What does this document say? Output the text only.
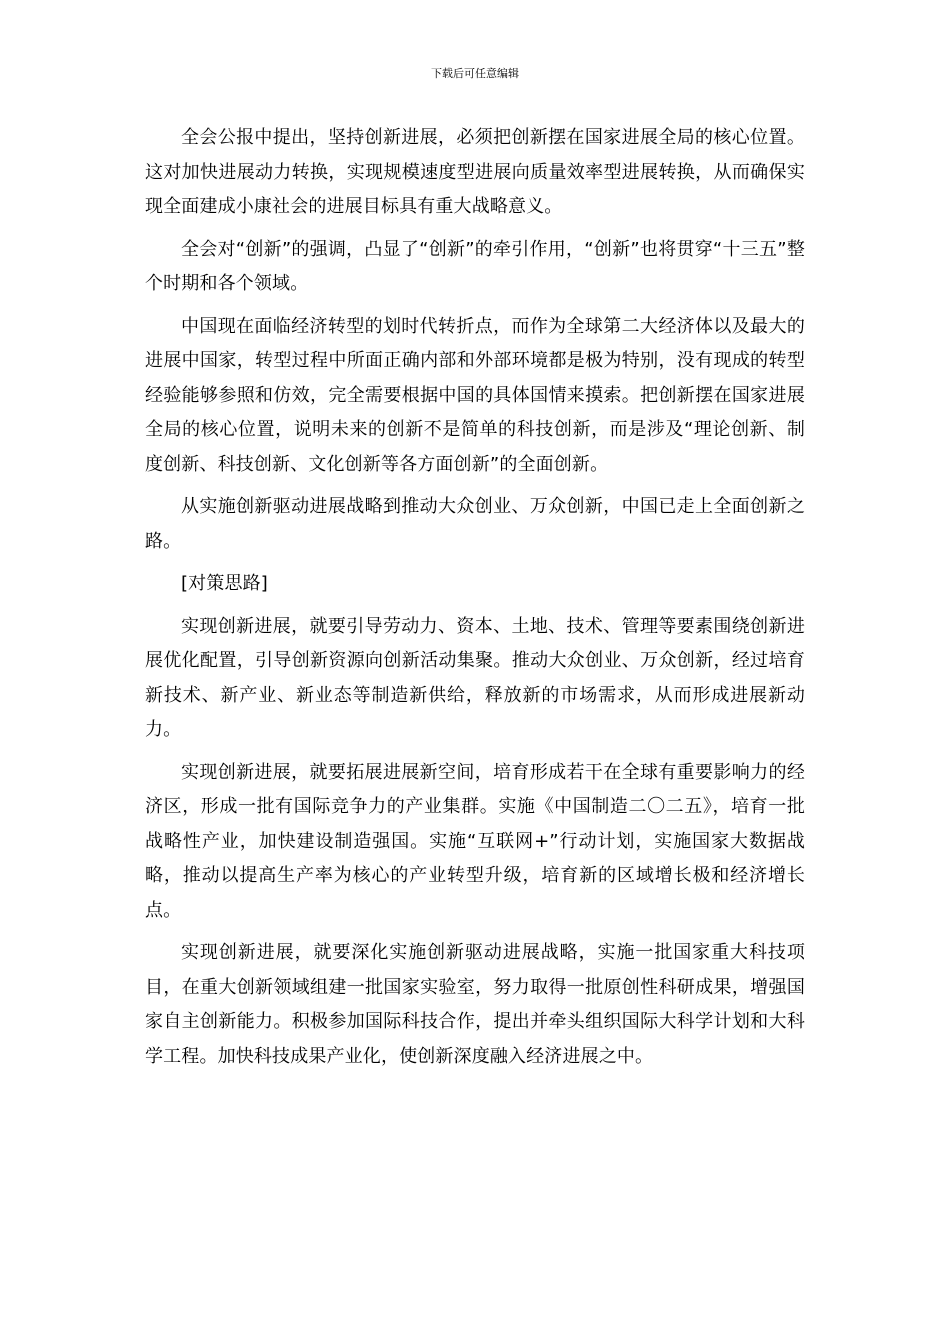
下载后可任意编辑

全会公报中提出，坚持创新进展，必须把创新摆在国家进展全局的核心位置。这对加快进展动力转换，实现规模速度型进展向质量效率型进展转换，从而确保实现全面建成小康社会的进展目标具有重大战略意义。

全会对“创新”的强调，凸显了“创新”的牵引作用，“创新”也将贯穿“十三五”整个时期和各个领域。

中国现在面临经济转型的划时代转折点，而作为全球第二大经济体以及最大的进展中国家，转型过程中所面正确内部和外部环境都是极为特别，没有现成的转型经验能够参照和仿效，完全需要根据中国的具体国情来摸索。把创新摆在国家进展全局的核心位置，说明未来的创新不是简单的科技创新，而是涉及“理论创新、制度创新、科技创新、文化创新等各方面创新”的全面创新。

从实施创新驱动进展战略到推动大众创业、万众创新，中国已走上全面创新之路。

[对策思路]

实现创新进展，就要引导劳动力、资本、土地、技术、管理等要素围绕创新进展优化配置，引导创新资源向创新活动集聚。推动大众创业、万众创新，经过培育新技术、新产业、新业态等制造新供给，释放新的市场需求，从而形成进展新动力。

实现创新进展，就要拓展进展新空间，培育形成若干在全球有重要影响力的经济区，形成一批有国际竞争力的产业集群。实施《中国制造二〇二五》，培育一批战略性产业，加快建设制造强国。实施“互联网+”行动计划，实施国家大数据战略，推动以提高生产率为核心的产业转型升级，培育新的区域增长极和经济增长点。

实现创新进展，就要深化实施创新驱动进展战略，实施一批国家重大科技项目，在重大创新领域组建一批国家实验室，努力取得一批原创性科研成果，增强国家自主创新能力。积极参加国际科技合作，提出并牵头组织国际大科学计划和大科学工程。加快科技成果产业化，使创新深度融入经济进展之中。
